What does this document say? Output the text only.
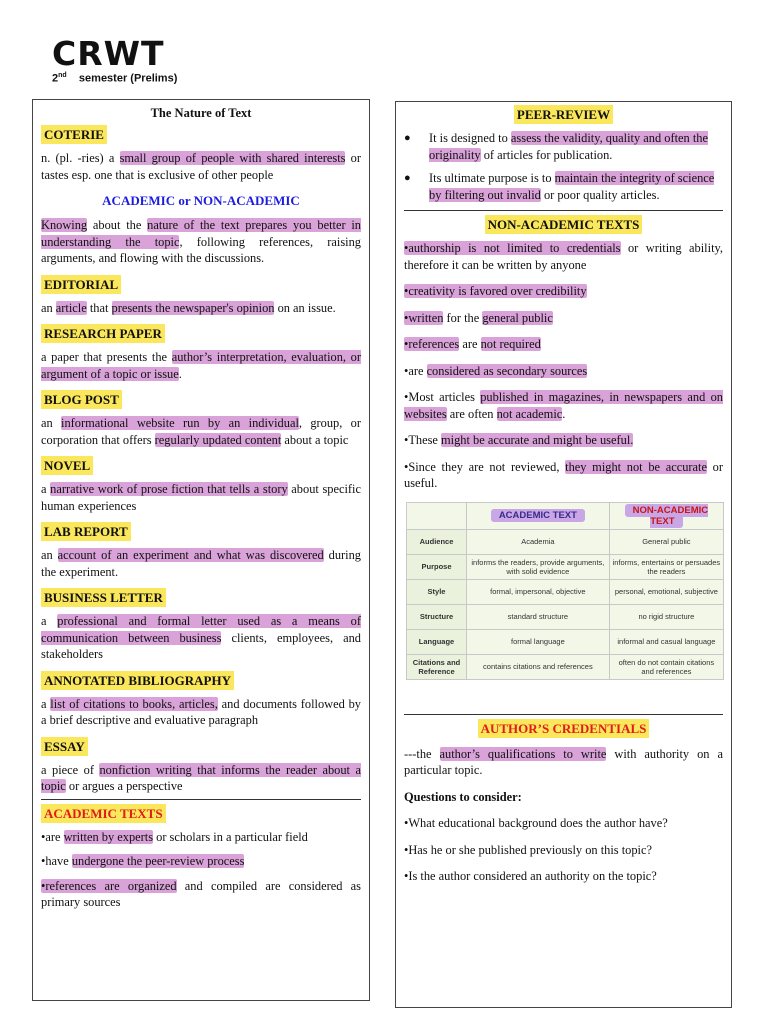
CRWT
2nd semester (Prelims)
The Nature of Text
COTERIE

n. (pl. -ries) a small group of people with shared interests or tastes esp. one that is exclusive of other people

ACADEMIC or NON-ACADEMIC

Knowing about the nature of the text prepares you better in understanding the topic, following references, raising arguments, and flowing with the discussions.

EDITORIAL

an article that presents the newspaper's opinion on an issue.

RESEARCH PAPER

a paper that presents the author’s interpretation, evaluation, or argument of a topic or issue.

BLOG POST

an informational website run by an individual, group, or corporation that offers regularly updated content about a topic

NOVEL

a narrative work of prose fiction that tells a story about specific human experiences

LAB REPORT

an account of an experiment and what was discovered during the experiment.

BUSINESS LETTER

a professional and formal letter used as a means of communication between business clients, employees, and stakeholders

ANNOTATED BIBLIOGRAPHY

a list of citations to books, articles, and documents followed by a brief descriptive and evaluative paragraph

ESSAY

a piece of nonfiction writing that informs the reader about a topic or argues a perspective

ACADEMIC TEXTS

•are written by experts or scholars in a particular field

•have undergone the peer-review process

•references are organized and compiled are considered as primary sources

PEER-REVIEW
● It is designed to assess the validity, quality and often the originality of articles for publication.
● Its ultimate purpose is to maintain the integrity of science by filtering out invalid or poor quality articles.
NON-ACADEMIC TEXTS

•authorship is not limited to credentials or writing ability, therefore it can be written by anyone

•creativity is favored over credibility

•written for the general public

•references are not required

•are considered as secondary sources

•Most articles published in magazines, in newspapers and on websites are often not academic.

•These might be accurate and might be useful.

•Since they are not reviewed, they might not be accurate or useful.

	ACADEMIC TEXT	NON-ACADEMIC TEXT
Audience	Academia	General public
Purpose	informs the readers, provide arguments, with solid evidence	informs, entertains or persuades the readers
Style	formal, impersonal, objective	personal, emotional, subjective
Structure	standard structure	no rigid structure
Language	formal language	informal and casual language
Citations and Reference	contains citations and references	often do not contain citations and references
AUTHOR’S CREDENTIALS

---the author’s qualifications to write with authority on a particular topic.

Questions to consider:

•What educational background does the author have?

•Has he or she published previously on this topic?

•Is the author considered an authority on the topic?
